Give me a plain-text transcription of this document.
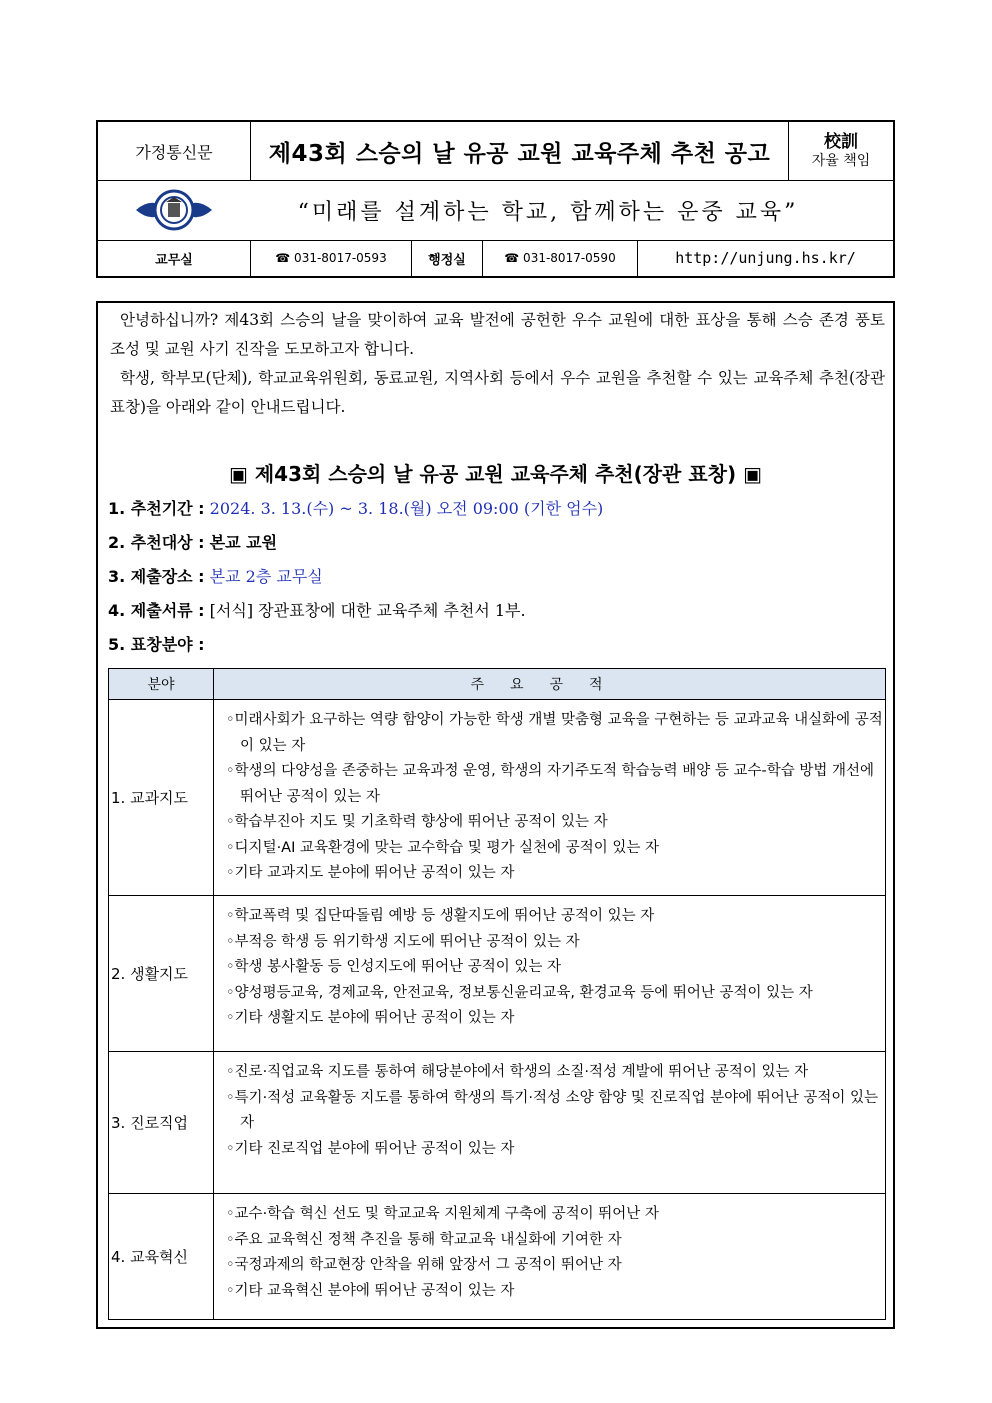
가정통신문	제43회 스승의 날 유공 교원 교육주체 추천 공고	校訓
자율 책임
“미래를 설계하는 학교, 함께하는 운중 교육”
교무실	☎ 031-8017-0593	행정실	☎ 031-8017-0590	http://unjung.hs.kr/
안녕하십니까? 제43회 스승의 날을 맞이하여 교육 발전에 공헌한 우수 교원에 대한 표상을 통해 스승 존경 풍토 조성 및 교원 사기 진작을 도모하고자 합니다.
학생, 학부모(단체), 학교교육위원회, 동료교원, 지역사회 등에서 우수 교원을 추천할 수 있는 교육주체 추천(장관 표창)을 아래와 같이 안내드립니다.
▣ 제43회 스승의 날 유공 교원 교육주체 추천(장관 표창) ▣
1. 추천기간 : 2024. 3. 13.(수) ~ 3. 18.(월) 오전 09:00 (기한 엄수)
2. 추천대상 : 본교 교원
3. 제출장소 : 본교 2층 교무실
4. 제출서류 : [서식] 장관표창에 대한 교육주체 추천서 1부.
5. 표창분야 :
분야	주요공적
1. 교과지도	◦미래사회가 요구하는 역량 함양이 가능한 학생 개별 맞춤형 교육을 구현하는 등 교과교육 내실화에 공적이 있는 자
◦학생의 다양성을 존중하는 교육과정 운영, 학생의 자기주도적 학습능력 배양 등 교수-학습 방법 개선에 뛰어난 공적이 있는 자
◦학습부진아 지도 및 기초학력 향상에 뛰어난 공적이 있는 자
◦디지털·AI 교육환경에 맞는 교수학습 및 평가 실천에 공적이 있는 자
◦기타 교과지도 분야에 뛰어난 공적이 있는 자

2. 생활지도	◦학교폭력 및 집단따돌림 예방 등 생활지도에 뛰어난 공적이 있는 자
◦부적응 학생 등 위기학생 지도에 뛰어난 공적이 있는 자
◦학생 봉사활동 등 인성지도에 뛰어난 공적이 있는 자
◦양성평등교육, 경제교육, 안전교육, 정보통신윤리교육, 환경교육 등에 뛰어난 공적이 있는 자
◦기타 생활지도 분야에 뛰어난 공적이 있는 자

3. 진로직업	◦진로·직업교육 지도를 통하여 해당분야에서 학생의 소질·적성 계발에 뛰어난 공적이 있는 자
◦특기·적성 교육활동 지도를 통하여 학생의 특기·적성 소양 함양 및 진로직업 분야에 뛰어난 공적이 있는 자
◦기타 진로직업 분야에 뛰어난 공적이 있는 자

4. 교육혁신	◦교수·학습 혁신 선도 및 학교교육 지원체계 구축에 공적이 뛰어난 자
◦주요 교육혁신 정책 추진을 통해 학교교육 내실화에 기여한 자
◦국정과제의 학교현장 안착을 위해 앞장서 그 공적이 뛰어난 자
◦기타 교육혁신 분야에 뛰어난 공적이 있는 자
